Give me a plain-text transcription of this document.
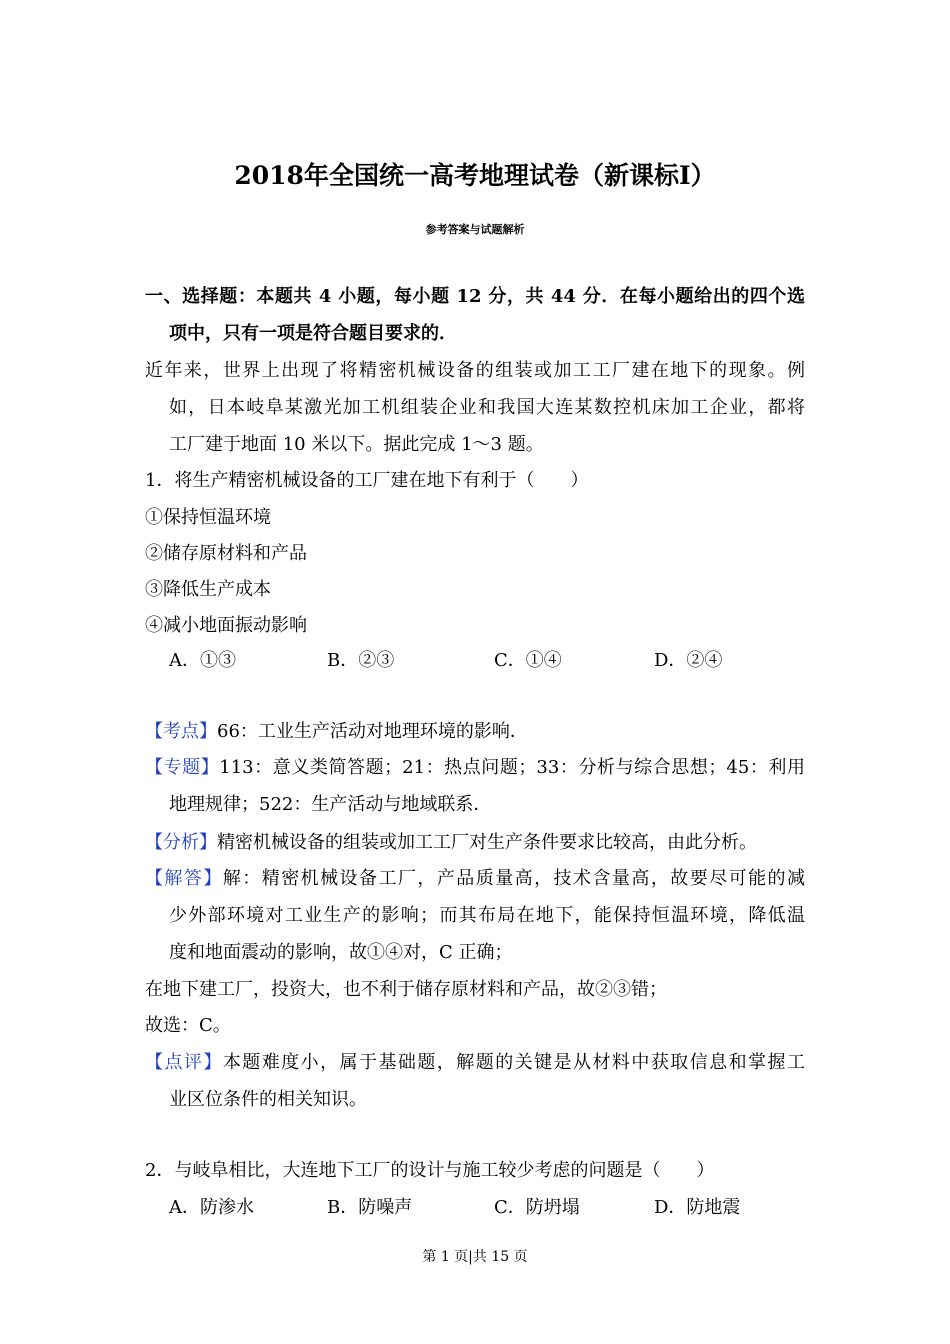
2018年全国统一高考地理试卷（新课标Ⅰ）
参考答案与试题解析
一、选择题：本题共 4 小题，每小题 12 分，共 44 分．在每小题给出的四个选
项中，只有一项是符合题目要求的．
近年来，世界上出现了将精密机械设备的组装或加工工厂建在地下的现象。例
如，日本岐阜某激光加工机组装企业和我国大连某数控机床加工企业，都将
工厂建于地面 10 米以下。据此完成 1～3 题。
1．将生产精密机械设备的工厂建在地下有利于（　　）
①保持恒温环境
②储存原材料和产品
③降低生产成本
④减小地面振动影响
A．①③	B．②③	C．①④	D．②④
【考点】66：工业生产活动对地理环境的影响．
【专题】113：意义类简答题；21：热点问题；33：分析与综合思想；45：利用
地理规律；522：生产活动与地域联系．
【分析】精密机械设备的组装或加工工厂对生产条件要求比较高，由此分析。
【解答】解：精密机械设备工厂，产品质量高，技术含量高，故要尽可能的减
少外部环境对工业生产的影响；而其布局在地下，能保持恒温环境，降低温
度和地面震动的影响，故①④对，C 正确；
在地下建工厂，投资大，也不利于储存原材料和产品，故②③错；
故选：C。
【点评】本题难度小，属于基础题，解题的关键是从材料中获取信息和掌握工
业区位条件的相关知识。
2．与岐阜相比，大连地下工厂的设计与施工较少考虑的问题是（　　）
A．防渗水	B．防噪声	C．防坍塌	D．防地震
第 1 页|共 15 页
